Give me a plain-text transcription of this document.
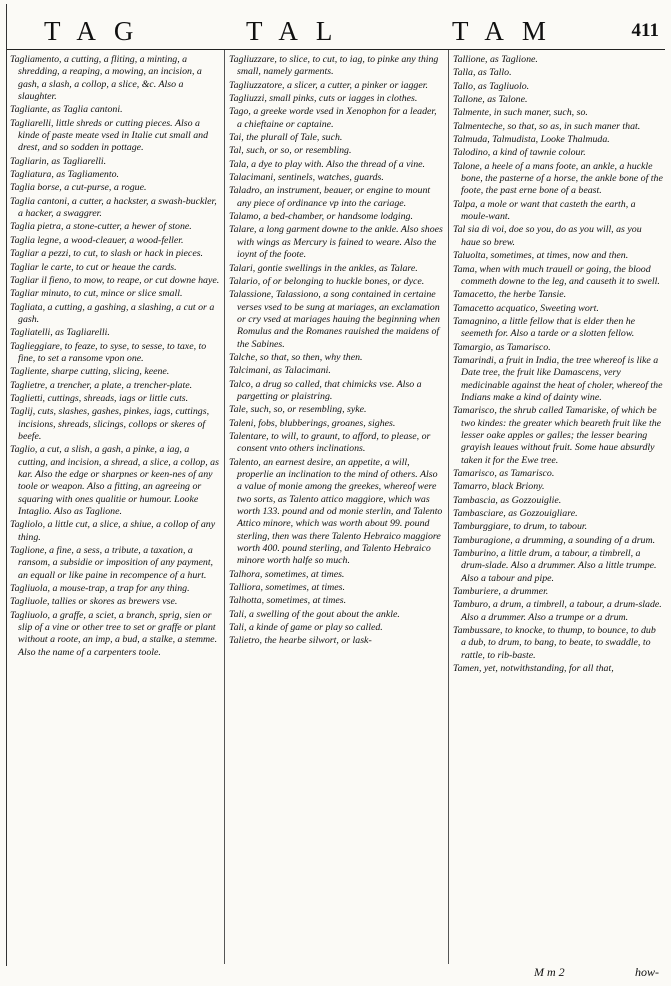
TAG	TAL	TAM	411
Tagliamento, a cutting, a fliting, a minting, a shredding, a reaping, a mowing, an incision, a gash, a slash, a collop, a slice, &c. Also a slaughter.
Tagliante, as Taglia cantoni.
Tagliarelli, little shreds or cutting pieces. Also a kinde of paste meate vsed in Italie cut small and drest, and so sodden in pottage.
Tagliarin, as Tagliarelli.
Tagliatura, as Tagliamento.
Taglia borse, a cut-purse, a rogue.
Taglia cantoni, a cutter, a hackster, a swash-buckler, a hacker, a swaggrer.
Taglia pietra, a stone-cutter, a hewer of stone.
Taglia legne, a wood-cleauer, a wood-feller.
Tagliar a pezzi, to cut, to slash or hack in pieces.
Tagliar le carte, to cut or heaue the cards.
Tagliar il fieno, to mow, to reape, or cut downe haye.
Tagliar minuto, to cut, mince or slice small.
Tagliata, a cutting, a gashing, a slashing, a cut or a gash.
Tagliatelli, as Tagliarelli.
Taglieggiare, to feaze, to syse, to sesse, to taxe, to fine, to set a ransome vpon one.
Tagliente, sharpe cutting, slicing, keene.
Taglietre, a trencher, a plate, a trencher-plate.
Taglietti, cuttings, shreads, iags or little cuts.
Taglij, cuts, slashes, gashes, pinkes, iags, cuttings, incisions, shreads, slicings, collops or skeres of beefe.
Taglio, a cut, a slish, a gash, a pinke, a iag, a cutting, and incision, a shread, a slice, a collop, as kar. Also the edge or sharpnes or keen-nes of any toole or weapon. Also a fitting, an agreeing or squaring with ones qualitie or humour. Looke Intaglio. Also as Taglione.
Tagliolo, a little cut, a slice, a shiue, a collop of any thing.
Taglione, a fine, a sess, a tribute, a taxation, a ransom, a subsidie or imposition of any payment, an equall or like paine in recompence of a hurt.
Tagliuola, a mouse-trap, a trap for any thing.
Tagliuole, tallies or skores as brewers vse.
Tagliuolo, a graffe, a sciet, a branch, sprig, sien or slip of a vine or other tree to set or graffe or plant without a roote, an imp, a bud, a stalke, a stemme. Also the name of a carpenters toole.
Tagliuzzare, to slice, to cut, to iag, to pinke any thing small, namely garments.
Tagliuzzatore, a slicer, a cutter, a pinker or iagger.
Tagliuzzi, small pinks, cuts or iagges in clothes.
Tago, a greeke worde vsed in Xenophon for a leader, a chieftaine or captaine.
Tai, the plurall of Tale, such.
Tal, such, or so, or resembling.
Tala, a dye to play with. Also the thread of a vine.
Talacimani, sentinels, watches, guards.
Taladro, an instrument, beauer, or engine to mount any piece of ordinance vp into the cariage.
Talamo, a bed-chamber, or handsome lodging.
Talare, a long garment downe to the ankle. Also shoes with wings as Mercury is fained to weare. Also the ioynt of the foote.
Talari, gontie swellings in the ankles, as Talare.
Talario, of or belonging to huckle bones, or dyce.
Talassione, Talassiono, a song contained in certaine verses vsed to be sung at mariages, an exclamation or cry vsed at mariages hauing the beginning when Romulus and the Romanes rauished the maidens of the Sabines.
Talche, so that, so then, why then.
Talcimani, as Talacimani.
Talco, a drug so called, that chimicks vse. Also a pargetting or plaistring.
Tale, such, so, or resembling, syke.
Taleni, fobs, blubberings, groanes, sighes.
Talentare, to will, to graunt, to afford, to please, or consent vnto others inclinations.
Talento, an earnest desire, an appetite, a will, properlie an inclination to the mind of others. Also a value of monie among the greekes, whereof were two sorts, as Talento attico maggiore, which was worth 133. pound and od monie sterlin, and Talento Attico minore, which was worth about 99. pound sterling, then was there Talento Hebraico maggiore worth 400. pound sterling, and Talento Hebraico minore worth halfe so much.
Talhora, sometimes, at times.
Talliora, sometimes, at times.
Talhotta, sometimes, at times.
Tali, a swelling of the gout about the ankle.
Tali, a kinde of game or play so called.
Talietro, the hearbe silwort, or lask-
Tallione, as Taglione.
Talla, as Tallo.
Tallo, as Tagliuolo.
Tallone, as Talone.
Talmente, in such maner, such, so.
Talmenteche, so that, so as, in such maner that.
Talmuda, Talmudista, Looke Thalmuda.
Talodino, a kind of tawnie colour.
Talone, a heele of a mans foote, an ankle, a huckle bone, the pasterne of a horse, the ankle bone of the foote, the past erne bone of a beast.
Talpa, a mole or want that casteth the earth, a moule-want.
Tal sia di voi, doe so you, do as you will, as you haue so brew.
Taluolta, sometimes, at times, now and then.
Tama, when with much trauell or going, the blood commeth downe to the leg, and causeth it to swell.
Tamacetto, the herbe Tansie.
Tamacetto acquatico, Sweeting wort.
Tamagnino, a little fellow that is elder then he seemeth for. Also a tarde or a slotten fellow.
Tamargio, as Tamarisco.
Tamarindi, a fruit in India, the tree whereof is like a Date tree, the fruit like Damascens, very medicinable against the heat of choler, whereof the Indians make a kind of dainty wine.
Tamarisco, the shrub called Tamariske, of which be two kindes: the greater which beareth fruit like the lesser oake apples or galles; the lesser bearing grayish leaues without fruit. Some haue absurdly taken it for the Ewe tree.
Tamarisco, as Tamarisco.
Tamarro, black Briony.
Tambascia, as Gozzouiglie.
Tambasciare, as Gozzouigliare.
Tamburggiare, to drum, to tabour.
Tamburagione, a drumming, a sounding of a drum.
Tamburino, a little drum, a tabour, a timbrell, a drum-slade. Also a drummer. Also a little trumpe. Also a tabour and pipe.
Tamburiere, a drummer.
Tamburo, a drum, a timbrell, a tabour, a drum-slade. Also a drummer. Also a trumpe or a drum.
Tambussare, to knocke, to thump, to bounce, to dub a dub, to drum, to bang, to beate, to swaddle, to rattle, to rib-baste.
Tamen, yet, notwithstanding, for all that,
M m 2	how-
